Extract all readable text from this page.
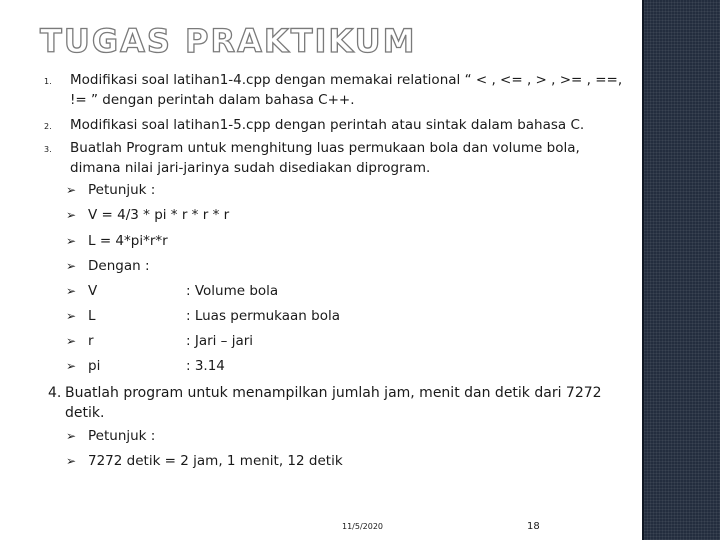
TUGAS PRAKTIKUM
1. Modifikasi soal latihan1-4.cpp dengan memakai relational “ < , <= , > , >= , ==, != ” dengan perintah dalam bahasa C++.
2. Modifikasi soal latihan1-5.cpp dengan perintah atau sintak dalam bahasa C.
3. Buatlah Program untuk menghitung luas permukaan bola dan volume bola, dimana nilai jari-jarinya sudah disediakan diprogram.
➢ Petunjuk :
➢ V = 4/3 * pi * r * r * r
➢ L = 4*pi*r*r
➢ Dengan :
➢ V	: Volume bola
➢ L	: Luas permukaan bola
➢ r	: Jari – jari
➢ pi	: 3.14
4. Buatlah program untuk menampilkan jumlah jam, menit dan detik dari 7272 detik.
➢ Petunjuk :
➢ 7272 detik = 2 jam, 1 menit, 12 detik
11/5/2020	18
